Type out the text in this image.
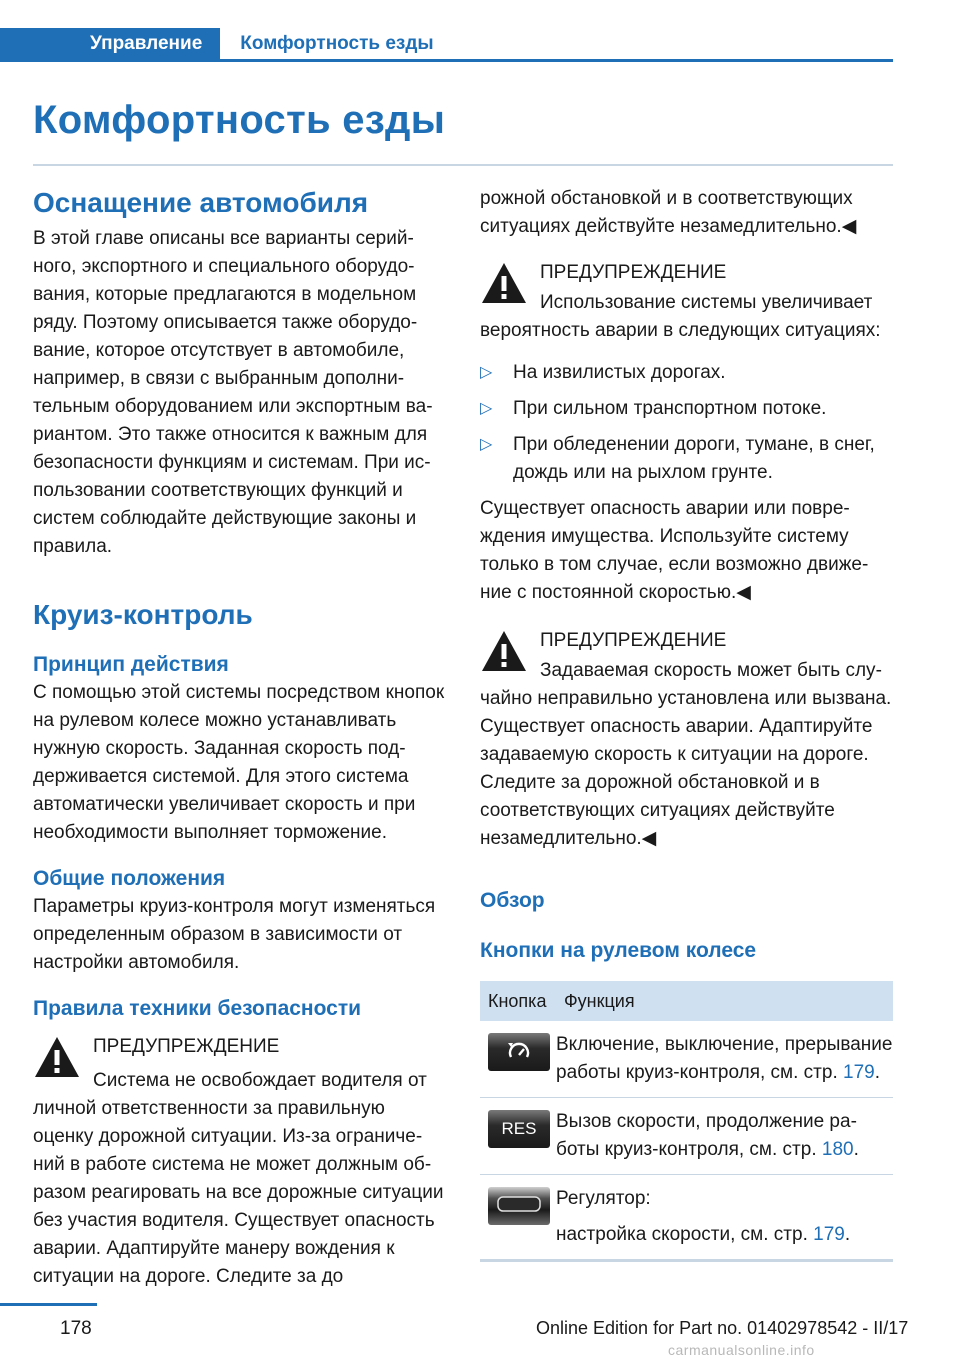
Управление	Комфортность езды
Комфортность езды
Оснащение автомобиля

В этой главе описаны все варианты серийного, экспортного и специального оборудования, которые предлагаются в модельном ряду. Поэтому описывается также оборудование, которое отсутствует в автомобиле, например, в связи с выбранным дополнительным оборудованием или экспортным вариантом. Это также относится к важным для безопасности функциям и системам. При использовании соответствующих функций и систем соблюдайте действующие законы и правила.

Круиз-контроль
Принцип действия

С помощью этой системы посредством кнопок на рулевом колесе можно устанавливать нужную скорость. Заданная скорость поддерживается системой. Для этого система автоматически увеличивает скорость и при необходимости выполняет торможение.

Общие положения

Параметры круиз-контроля могут изменяться определенным образом в зависимости от настройки автомобиля.

Правила техники безопасности
ПРЕДУПРЕЖДЕНИЕ

Система не освобождает водителя от личной ответственности за правильную оценку дорожной ситуации. Из-за ограничений в работе система не может должным образом реагировать на все дорожные ситуации без участия водителя. Существует опасность аварии. Адаптируйте манеру вождения к ситуации на дороге. Следите за до

рожной обстановкой и в соответствующих ситуациях действуйте незамедлительно.◀

ПРЕДУПРЕЖДЕНИЕ

Использование системы увеличивает вероятность аварии в следующих ситуациях:

▷ На извилистых дорогах.
▷ При сильном транспортном потоке.
▷ При обледенении дороги, тумане, в снег, дождь или на рыхлом грунте.

Существует опасность аварии или повреждения имущества. Используйте систему только в том случае, если возможно движение с постоянной скоростью.◀

ПРЕДУПРЕЖДЕНИЕ

Задаваемая скорость может быть случайно неправильно установлена или вызвана. Существует опасность аварии. Адаптируйте задаваемую скорость к ситуации на дороге. Следите за дорожной обстановкой и в соответствующих ситуациях действуйте незамедлительно.◀

Обзор
Кнопки на рулевом колесе
Кнопка	Функция

	Включение, выключение, прерывание работы круиз-контроля, см. стр. 179.

RES	Вызов скорости, продолжение работы круиз-контроля, см. стр. 180.

Регулятор:
настройка скорости, см. стр. 179.
178	Online Edition for Part no. 01402978542 - II/17
carmanualsonline.info
